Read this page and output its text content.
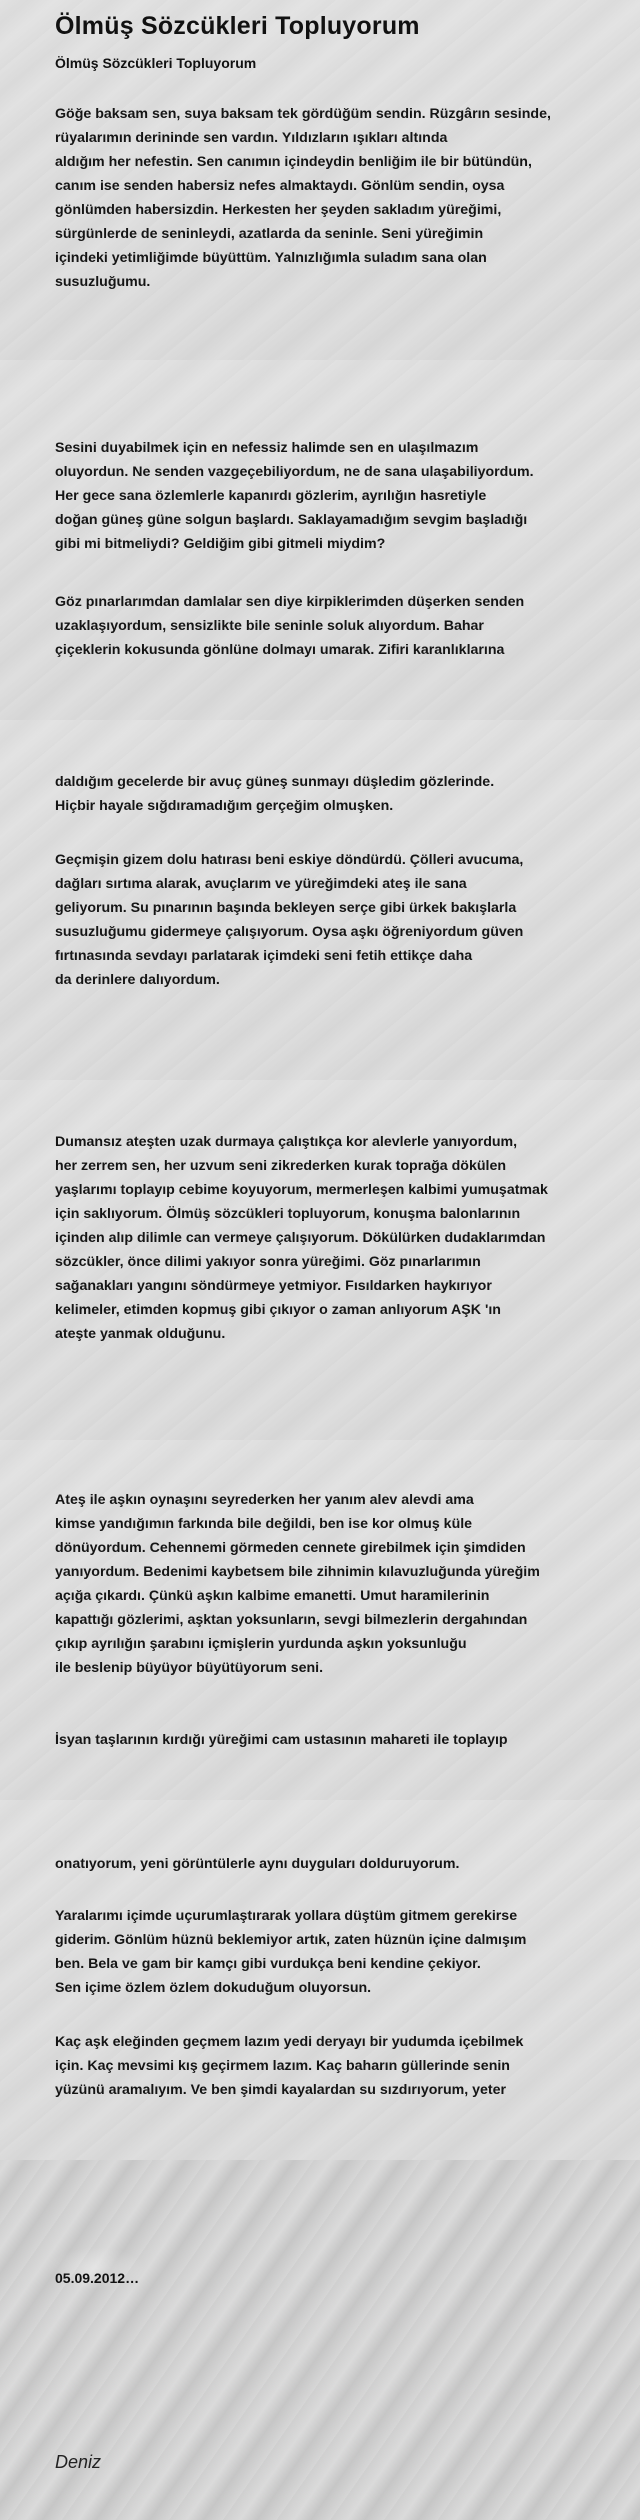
Ölmüş Sözcükleri Topluyorum

Ölmüş Sözcükleri Topluyorum

Göğe baksam sen, suya baksam tek gördüğüm sendin. Rüzgârın sesinde,
rüyalarımın derininde sen vardın. Yıldızların ışıkları altında
aldığım her nefestin. Sen canımın içindeydin benliğim ile bir bütündün,
canım ise senden habersiz nefes almaktaydı. Gönlüm sendin, oysa
gönlümden habersizdin. Herkesten her şeyden sakladım yüreğimi,
sürgünlerde de seninleydi, azatlarda da seninle. Seni yüreğimin
içindeki yetimliğimde büyüttüm. Yalnızlığımla suladım sana olan
susuzluğumu.
Sesini duyabilmek için en nefessiz halimde sen en ulaşılmazım
oluyordun. Ne senden vazgeçebiliyordum, ne de sana ulaşabiliyordum.
Her gece sana özlemlerle kapanırdı gözlerim, ayrılığın hasretiyle
doğan güneş güne solgun başlardı. Saklayamadığım sevgim başladığı
gibi mi bitmeliydi? Geldiğim gibi gitmeli miydim?
Göz pınarlarımdan damlalar sen diye kirpiklerimden düşerken senden
uzaklaşıyordum, sensizlikte bile seninle soluk alıyordum. Bahar
çiçeklerin kokusunda gönlüne dolmayı umarak. Zifiri karanlıklarına
daldığım gecelerde bir avuç güneş sunmayı düşledim gözlerinde.
Hiçbir hayale sığdıramadığım gerçeğim olmuşken.
Geçmişin gizem dolu hatırası beni eskiye döndürdü. Çölleri avucuma,
dağları sırtıma alarak, avuçlarım ve yüreğimdeki ateş ile sana
geliyorum. Su pınarının başında bekleyen serçe gibi ürkek bakışlarla
susuzluğumu gidermeye çalışıyorum. Oysa aşkı öğreniyordum güven
fırtınasında sevdayı parlatarak içimdeki seni fetih ettikçe daha
da derinlere dalıyordum.
Dumansız ateşten uzak durmaya çalıştıkça kor alevlerle yanıyordum,
her zerrem sen, her uzvum seni zikrederken kurak toprağa dökülen
yaşlarımı toplayıp cebime koyuyorum, mermerleşen kalbimi yumuşatmak
için saklıyorum. Ölmüş sözcükleri topluyorum, konuşma balonlarının
içinden alıp dilimle can vermeye çalışıyorum. Dökülürken dudaklarımdan
sözcükler, önce dilimi yakıyor sonra yüreğimi. Göz pınarlarımın
sağanakları yangını söndürmeye yetmiyor. Fısıldarken haykırıyor
kelimeler, etimden kopmuş gibi çıkıyor o zaman anlıyorum AŞK 'ın
ateşte yanmak olduğunu.
Ateş ile aşkın oynaşını seyrederken her yanım alev alevdi ama
kimse yandığımın farkında bile değildi, ben ise kor olmuş küle
dönüyordum. Cehennemi görmeden cennete girebilmek için şimdiden
yanıyordum. Bedenimi kaybetsem bile zihnimin kılavuzluğunda yüreğim
açığa çıkardı. Çünkü aşkın kalbime emanetti. Umut haramilerinin
kapattığı gözlerimi, aşktan yoksunların, sevgi bilmezlerin dergahından
çıkıp ayrılığın şarabını içmişlerin yurdunda aşkın yoksunluğu
ile beslenip büyüyor büyütüyorum seni.
İsyan taşlarının kırdığı yüreğimi cam ustasının mahareti ile toplayıp
onatıyorum, yeni görüntülerle aynı duyguları dolduruyorum.
Yaralarımı içimde uçurumlaştırarak yollara düştüm gitmem gerekirse
giderim. Gönlüm hüznü beklemiyor artık, zaten hüznün içine dalmışım
ben. Bela ve gam bir kamçı gibi vurdukça beni kendine çekiyor.
Sen içime özlem özlem dokuduğum oluyorsun.
Kaç aşk eleğinden geçmem lazım yedi deryayı bir yudumda içebilmek
için. Kaç mevsimi kış geçirmem lazım. Kaç baharın güllerinde senin
yüzünü aramalıyım. Ve ben şimdi kayalardan su sızdırıyorum, yeter
05.09.2012…
Deniz
